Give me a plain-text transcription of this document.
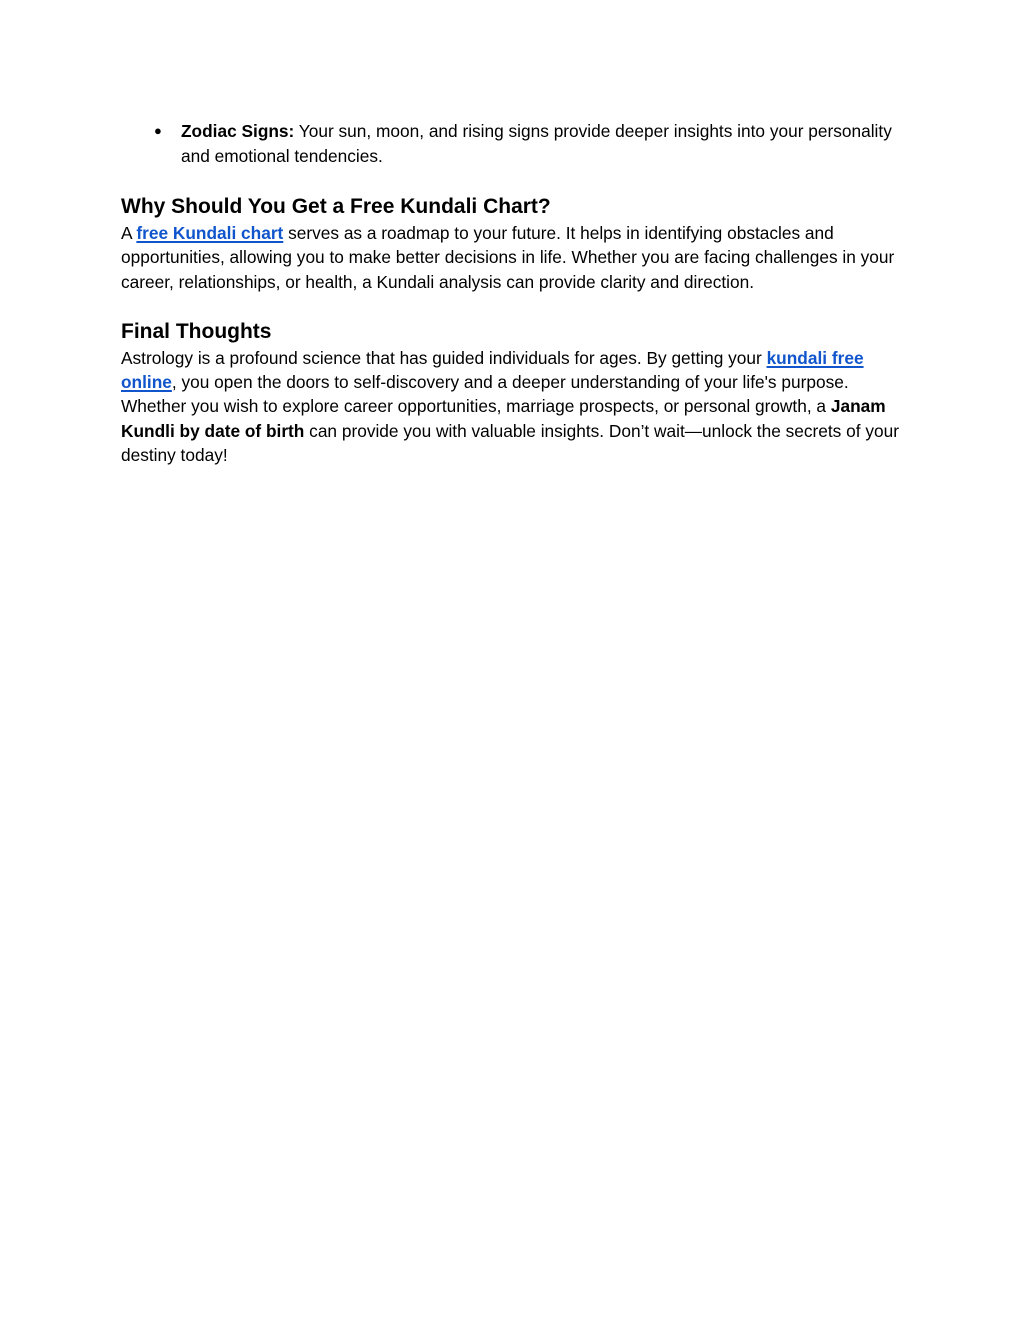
● Zodiac Signs: Your sun, moon, and rising signs provide deeper insights into your personality and emotional tendencies.
Why Should You Get a Free Kundali Chart?

A free Kundali chart serves as a roadmap to your future. It helps in identifying obstacles and opportunities, allowing you to make better decisions in life. Whether you are facing challenges in your career, relationships, or health, a Kundali analysis can provide clarity and direction.

Final Thoughts

Astrology is a profound science that has guided individuals for ages. By getting your kundali free online, you open the doors to self-discovery and a deeper understanding of your life's purpose. Whether you wish to explore career opportunities, marriage prospects, or personal growth, a Janam Kundli by date of birth can provide you with valuable insights. Don’t wait—unlock the secrets of your destiny today!
